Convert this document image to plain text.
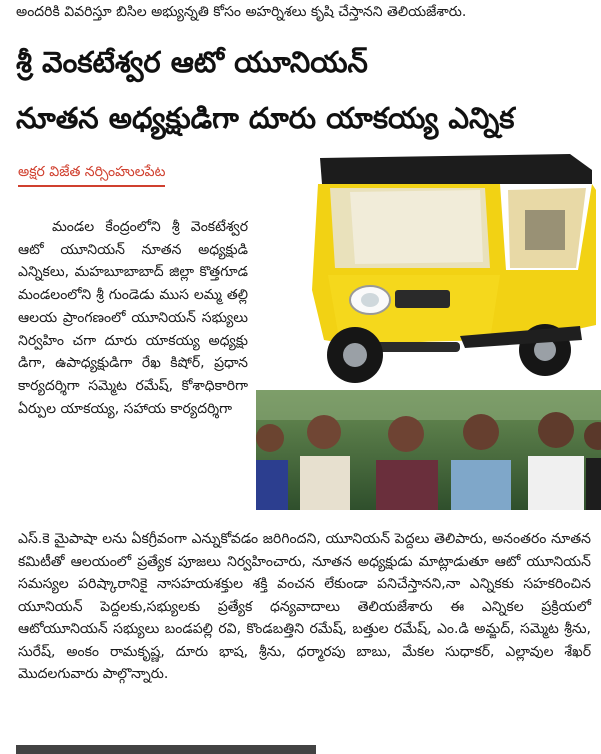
అందరికి వివరిస్తూ బిసిల అభ్యున్నతి కోసం అహర్నిశలు కృషి చేస్తానని తెలియజేశారు.
శ్రీ వెంకటేశ్వర ఆటో యూనియన్
నూతన అధ్యక్షుడిగా దూరు యాకయ్య ఎన్నిక
అక్షర విజేత నర్సింహులపేట

మండల కేంద్రంలోని శ్రీ వెంకటేశ్వర ఆటో యూనియన్ నూతన అధ్యక్షుడి ఎన్నికలు, మహబూబాబాద్ జిల్లా కొత్తగూడ మండలంలోని శ్రీ గుండెడు ముస లమ్మ తల్లి ఆలయ ప్రాంగణంలో యూనియన్ సభ్యులు నిర్వహిం చగా దూరు యాకయ్య అధ్యక్షు డిగా, ఉపాధ్యక్షుడిగా రేఖ కిషోర్, ప్రధాన కార్యదర్శిగా సమ్మెట రమేష్, కోశాధికారిగా ఏర్పుల యాకయ్య, సహాయ కార్యదర్శిగా

ఎస్.కె మైపాషా లను ఏకగ్రీవంగా ఎన్నుకోవడం జరిగిందని, యూనియన్ పెద్దలు తెలిపారు, అనంతరం నూతన కమిటీతో ఆలయంలో ప్రత్యేక పూజలు నిర్వహించారు, నూతన అధ్యక్షుడు మాట్లాడుతూ ఆటో యూనియన్ సమస్యల పరిష్కారానికై నాసహయశక్తుల శక్తి వంచన లేకుండా పనిచేస్తానని,నా ఎన్నికకు సహకరించిన యూనియన్ పెద్దలకు,సభ్యులకు ప్రత్యేక ధన్యవాదాలు తెలియజేశారు ఈ ఎన్నికల ప్రక్రియలో ఆటోయూనియన్ సభ్యులు బండపల్లి రవి, కొండబత్తిని రమేష్, బత్తుల రమేష్, ఎం.డి అమ్జద్, సమ్మెట శ్రీను, సురేష్, అంకం రామకృష్ణ, దూరు భాష, శ్రీను, ధర్మారపు బాబు, మేకల సుధాకర్, ఎల్లావుల శేఖర్ మొదలగువారు పాల్గొన్నారు.
